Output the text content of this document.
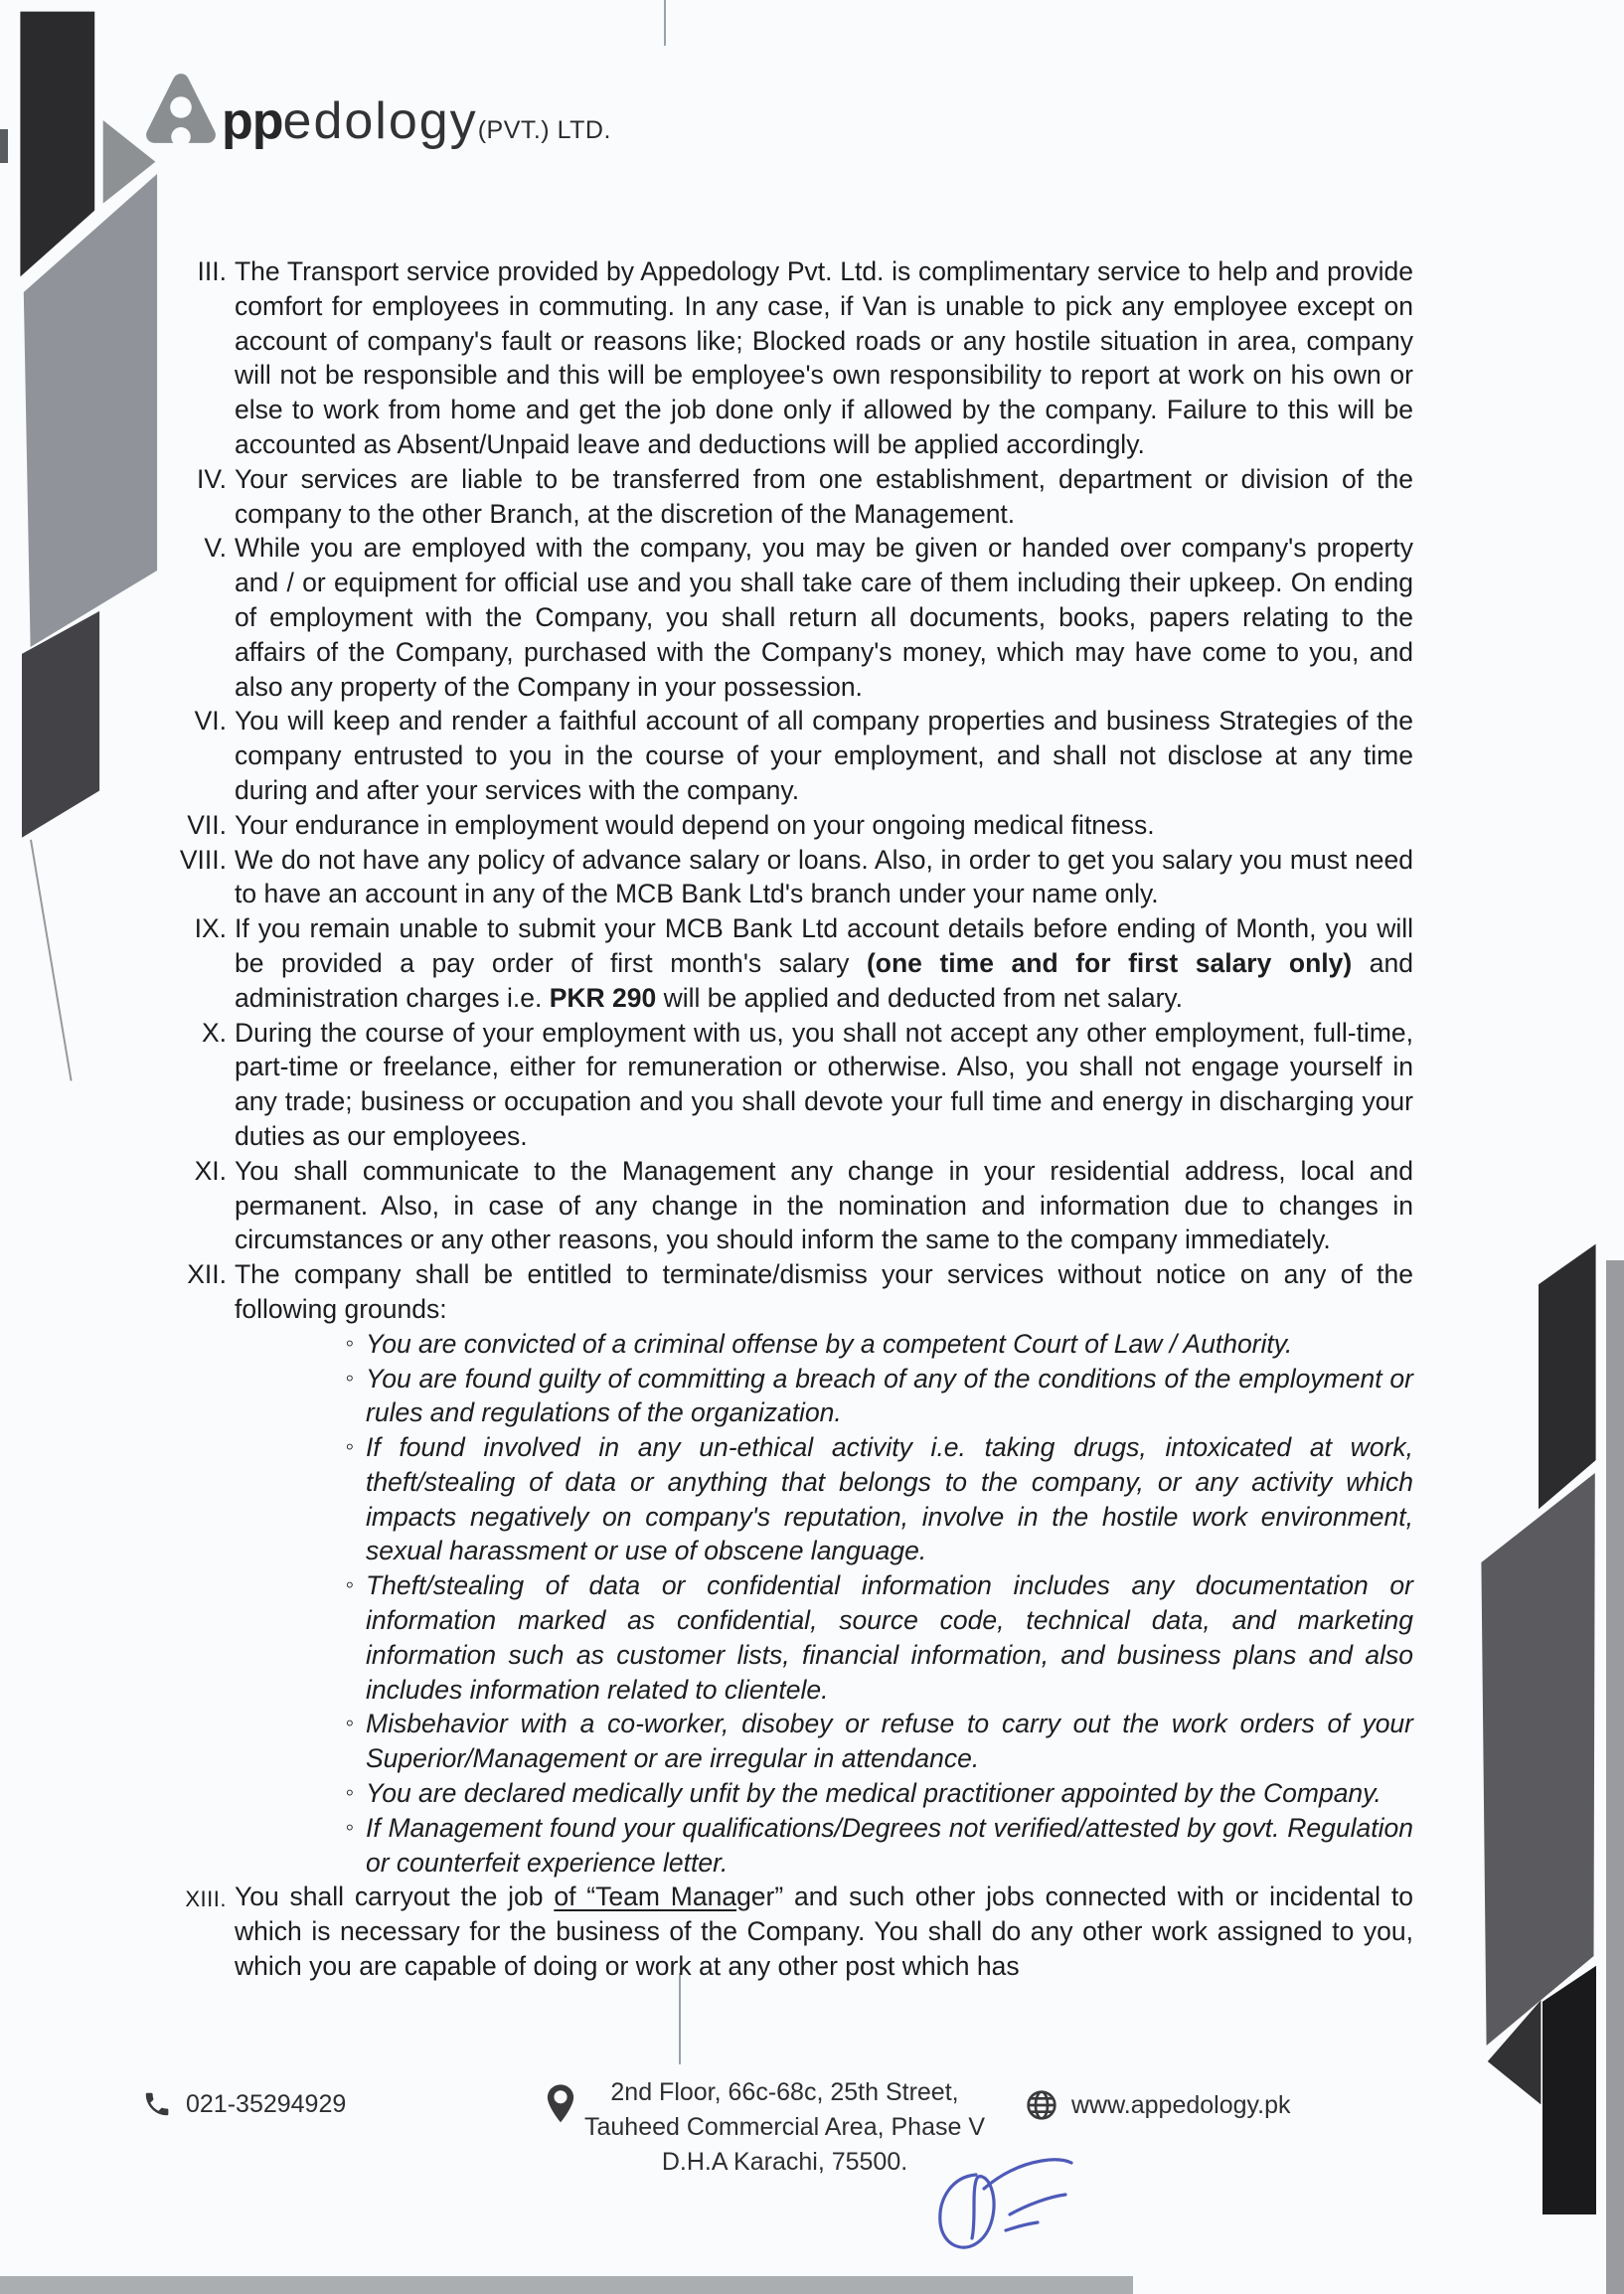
ppedology(PVT.) LTD.
III. The Transport service provided by Appedology Pvt. Ltd. is complimentary service to help and provide comfort for employees in commuting. In any case, if Van is unable to pick any employee except on account of company's fault or reasons like; Blocked roads or any hostile situation in area, company will not be responsible and this will be employee's own responsibility to report at work on his own or else to work from home and get the job done only if allowed by the company. Failure to this will be accounted as Absent/Unpaid leave and deductions will be applied accordingly.

IV. Your services are liable to be transferred from one establishment, department or division of the company to the other Branch, at the discretion of the Management.

V. While you are employed with the company, you may be given or handed over company's property and / or equipment for official use and you shall take care of them including their upkeep. On ending of employment with the Company, you shall return all documents, books, papers relating to the affairs of the Company, purchased with the Company's money, which may have come to you, and also any property of the Company in your possession.

VI. You will keep and render a faithful account of all company properties and business Strategies of the company entrusted to you in the course of your employment, and shall not disclose at any time during and after your services with the company.

VII. Your endurance in employment would depend on your ongoing medical fitness.

VIII. We do not have any policy of advance salary or loans. Also, in order to get you salary you must need to have an account in any of the MCB Bank Ltd's branch under your name only.

IX. If you remain unable to submit your MCB Bank Ltd account details before ending of Month, you will be provided a pay order of first month's salary (one time and for first salary only) and administration charges i.e. PKR 290 will be applied and deducted from net salary.

X. During the course of your employment with us, you shall not accept any other employment, full-time, part-time or freelance, either for remuneration or otherwise. Also, you shall not engage yourself in any trade; business or occupation and you shall devote your full time and energy in discharging your duties as our employees.

XI. You shall communicate to the Management any change in your residential address, local and permanent. Also, in case of any change in the nomination and information due to changes in circumstances or any other reasons, you should inform the same to the company immediately.

XII. The company shall be entitled to terminate/dismiss your services without notice on any of the following grounds:

◦ You are convicted of a criminal offense by a competent Court of Law / Authority.
◦ You are found guilty of committing a breach of any of the conditions of the employment or rules and regulations of the organization.
◦ If found involved in any un-ethical activity i.e. taking drugs, intoxicated at work, theft/stealing of data or anything that belongs to the company, or any activity which impacts negatively on company's reputation, involve in the hostile work environment, sexual harassment or use of obscene language.
◦ Theft/stealing of data or confidential information includes any documentation or information marked as confidential, source code, technical data, and marketing information such as customer lists, financial information, and business plans and also includes information related to clientele.
◦ Misbehavior with a co-worker, disobey or refuse to carry out the work orders of your Superior/Management or are irregular in attendance.
◦ You are declared medically unfit by the medical practitioner appointed by the Company.
◦ If Management found your qualifications/Degrees not verified/attested by govt. Regulation or counterfeit experience letter.
XIII. You shall carryout the job of “Team Manager” and such other jobs connected with or incidental to which is necessary for the business of the Company. You shall do any other work assigned to you, which you are capable of doing or work at any other post which has

021-35294929	2nd Floor, 66c-68c, 25th Street,
Tauheed Commercial Area, Phase V
D.H.A Karachi, 75500.
www.appedology.pk
